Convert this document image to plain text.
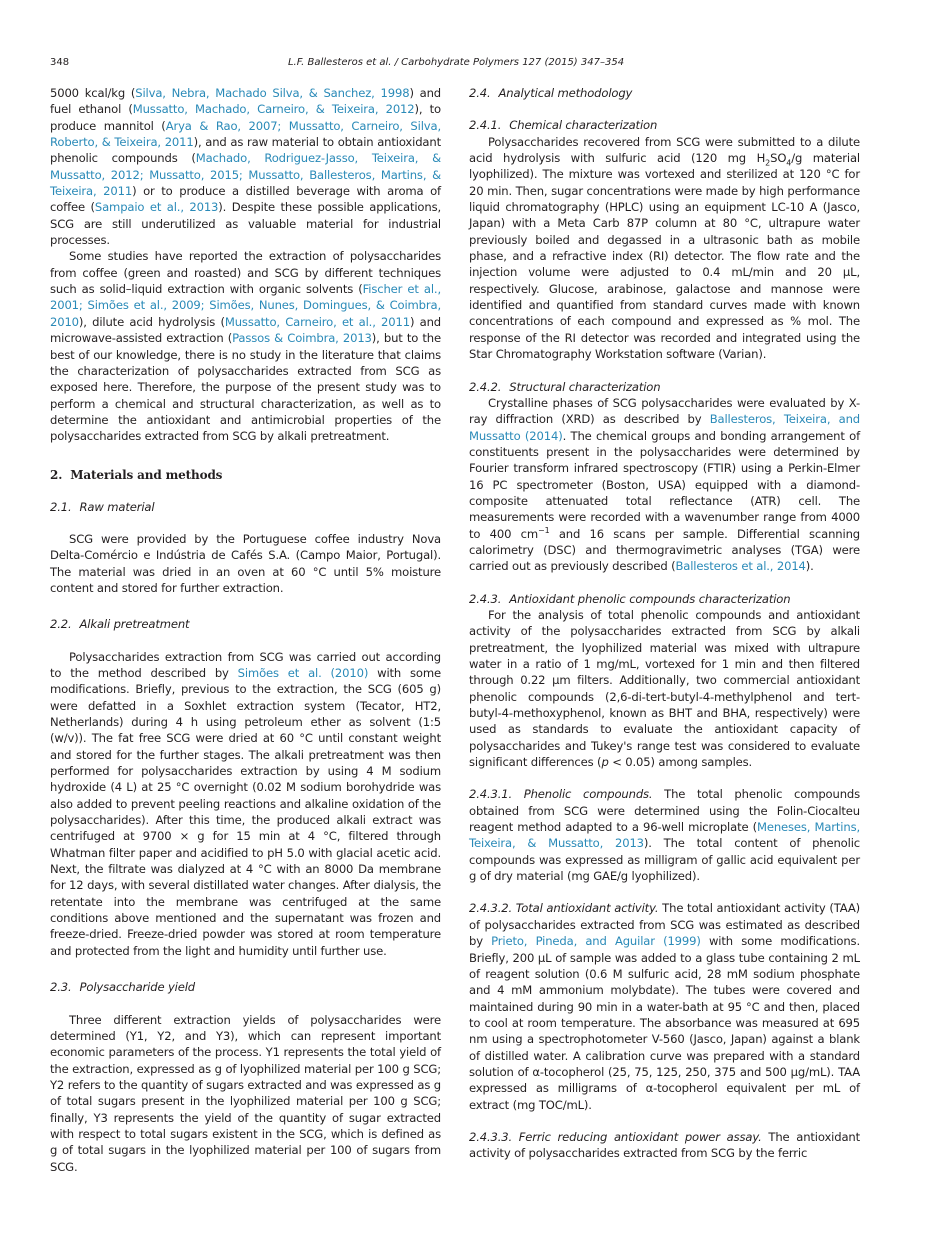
348	L.F. Ballesteros et al. / Carbohydrate Polymers 127 (2015) 347–354

5000 kcal/kg (Silva, Nebra, Machado Silva, & Sanchez, 1998) and fuel ethanol (Mussatto, Machado, Carneiro, & Teixeira, 2012), to produce mannitol (Arya & Rao, 2007; Mussatto, Carneiro, Silva, Roberto, & Teixeira, 2011), and as raw material to obtain antioxidant phenolic compounds (Machado, Rodriguez-Jasso, Teixeira, & Mussatto, 2012; Mussatto, 2015; Mussatto, Ballesteros, Martins, & Teixeira, 2011) or to produce a distilled beverage with aroma of coffee (Sampaio et al., 2013). Despite these possible applications, SCG are still underutilized as valuable material for industrial processes.

Some studies have reported the extraction of polysaccharides from coffee (green and roasted) and SCG by different techniques such as solid–liquid extraction with organic solvents (Fischer et al., 2001; Simões et al., 2009; Simões, Nunes, Domingues, & Coimbra, 2010), dilute acid hydrolysis (Mussatto, Carneiro, et al., 2011) and microwave-assisted extraction (Passos & Coimbra, 2013), but to the best of our knowledge, there is no study in the literature that claims the characterization of polysaccharides extracted from SCG as exposed here. Therefore, the purpose of the present study was to perform a chemical and structural characterization, as well as to determine the antioxidant and antimicrobial properties of the polysaccharides extracted from SCG by alkali pretreatment.

2. Materials and methods
2.1. Raw material

SCG were provided by the Portuguese coffee industry Nova Delta-Comércio e Indústria de Cafés S.A. (Campo Maior, Portugal). The material was dried in an oven at 60 °C until 5% moisture content and stored for further extraction.

2.2. Alkali pretreatment

Polysaccharides extraction from SCG was carried out according to the method described by Simões et al. (2010) with some modifications. Briefly, previous to the extraction, the SCG (605 g) were defatted in a Soxhlet extraction system (Tecator, HT2, Netherlands) during 4 h using petroleum ether as solvent (1:5 (w/v)). The fat free SCG were dried at 60 °C until constant weight and stored for the further stages. The alkali pretreatment was then performed for polysaccharides extraction by using 4 M sodium hydroxide (4 L) at 25 °C overnight (0.02 M sodium borohydride was also added to prevent peeling reactions and alkaline oxidation of the polysaccharides). After this time, the produced alkali extract was centrifuged at 9700 × g for 15 min at 4 °C, filtered through Whatman filter paper and acidified to pH 5.0 with glacial acetic acid. Next, the filtrate was dialyzed at 4 °C with an 8000 Da membrane for 12 days, with several distillated water changes. After dialysis, the retentate into the membrane was centrifuged at the same conditions above mentioned and the supernatant was frozen and freeze-dried. Freeze-dried powder was stored at room temperature and protected from the light and humidity until further use.

2.3. Polysaccharide yield

Three different extraction yields of polysaccharides were determined (Y1, Y2, and Y3), which can represent important economic parameters of the process. Y1 represents the total yield of the extraction, expressed as g of lyophilized material per 100 g SCG; Y2 refers to the quantity of sugars extracted and was expressed as g of total sugars present in the lyophilized material per 100 g SCG; finally, Y3 represents the yield of the quantity of sugar extracted with respect to total sugars existent in the SCG, which is defined as g of total sugars in the lyophilized material per 100 of sugars from SCG.

2.4. Analytical methodology
2.4.1. Chemical characterization

Polysaccharides recovered from SCG were submitted to a dilute acid hydrolysis with sulfuric acid (120 mg $H_2SO_4/g$ material lyophilized). The mixture was vortexed and sterilized at 120 °C for 20 min. Then, sugar concentrations were made by high performance liquid chromatography (HPLC) using an equipment LC-10 A (Jasco, Japan) with a Meta Carb 87P column at 80 °C, ultrapure water previously boiled and degassed in a ultrasonic bath as mobile phase, and a refractive index (RI) detector. The flow rate and the injection volume were adjusted to 0.4 mL/min and 20 µL, respectively. Glucose, arabinose, galactose and mannose were identified and quantified from standard curves made with known concentrations of each compound and expressed as % mol. The response of the RI detector was recorded and integrated using the Star Chromatography Workstation software (Varian).

2.4.2. Structural characterization

Crystalline phases of SCG polysaccharides were evaluated by X-ray diffraction (XRD) as described by Ballesteros, Teixeira, and Mussatto (2014). The chemical groups and bonding arrangement of constituents present in the polysaccharides were determined by Fourier transform infrared spectroscopy (FTIR) using a Perkin-Elmer 16 PC spectrometer (Boston, USA) equipped with a diamond-composite attenuated total reflectance (ATR) cell. The measurements were recorded with a wavenumber range from 4000 to 400 $cm^{-1}$ and 16 scans per sample. Differential scanning calorimetry (DSC) and thermogravimetric analyses (TGA) were carried out as previously described (Ballesteros et al., 2014).

2.4.3. Antioxidant phenolic compounds characterization

For the analysis of total phenolic compounds and antioxidant activity of the polysaccharides extracted from SCG by alkali pretreatment, the lyophilized material was mixed with ultrapure water in a ratio of 1 mg/mL, vortexed for 1 min and then filtered through 0.22 µm filters. Additionally, two commercial antioxidant phenolic compounds (2,6-di-tert-butyl-4-methylphenol and tert-butyl-4-methoxyphenol, known as BHT and BHA, respectively) were used as standards to evaluate the antioxidant capacity of polysaccharides and Tukey's range test was considered to evaluate significant differences (p < 0.05) among samples.

2.4.3.1. Phenolic compounds. The total phenolic compounds obtained from SCG were determined using the Folin-Ciocalteu reagent method adapted to a 96-well microplate (Meneses, Martins, Teixeira, & Mussatto, 2013). The total content of phenolic compounds was expressed as milligram of gallic acid equivalent per g of dry material (mg GAE/g lyophilized).

2.4.3.2. Total antioxidant activity. The total antioxidant activity (TAA) of polysaccharides extracted from SCG was estimated as described by Prieto, Pineda, and Aguilar (1999) with some modifications. Briefly, 200 µL of sample was added to a glass tube containing 2 mL of reagent solution (0.6 M sulfuric acid, 28 mM sodium phosphate and 4 mM ammonium molybdate). The tubes were covered and maintained during 90 min in a water-bath at 95 °C and then, placed to cool at room temperature. The absorbance was measured at 695 nm using a spectrophotometer V-560 (Jasco, Japan) against a blank of distilled water. A calibration curve was prepared with a standard solution of α-tocopherol (25, 75, 125, 250, 375 and 500 µg/mL). TAA expressed as milligrams of α-tocopherol equivalent per mL of extract (mg TOC/mL).

2.4.3.3. Ferric reducing antioxidant power assay. The antioxidant activity of polysaccharides extracted from SCG by the ferric
